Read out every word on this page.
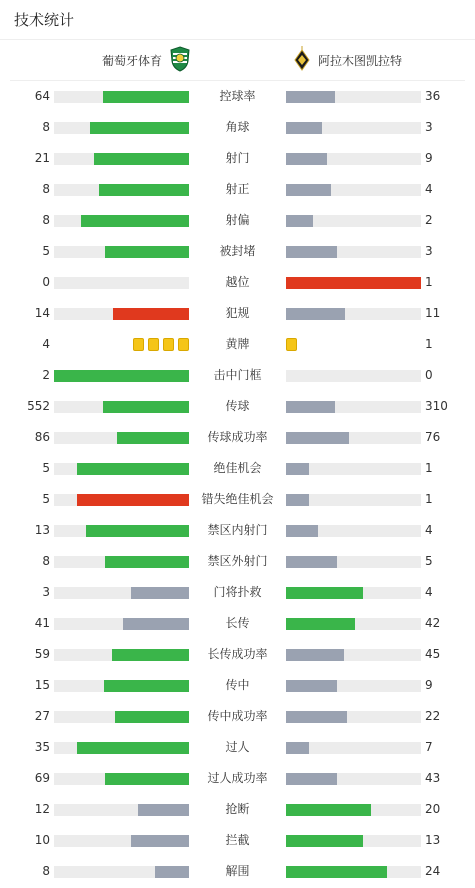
技术统计
葡萄牙体育	阿拉木图凯拉特
64	控球率	36
8	角球	3
21	射门	9
8	射正	4
8	射偏	2
5	被封堵	3
0	越位	1
14	犯规	11
4	黄牌	1
2	击中门框	0
552	传球	310
86	传球成功率	76
5	绝佳机会	1
5	错失绝佳机会	1
13	禁区内射门	4
8	禁区外射门	5
3	门将扑救	4
41	长传	42
59	长传成功率	45
15	传中	9
27	传中成功率	22
35	过人	7
69	过人成功率	43
12	抢断	20
10	拦截	13
8	解围	24
